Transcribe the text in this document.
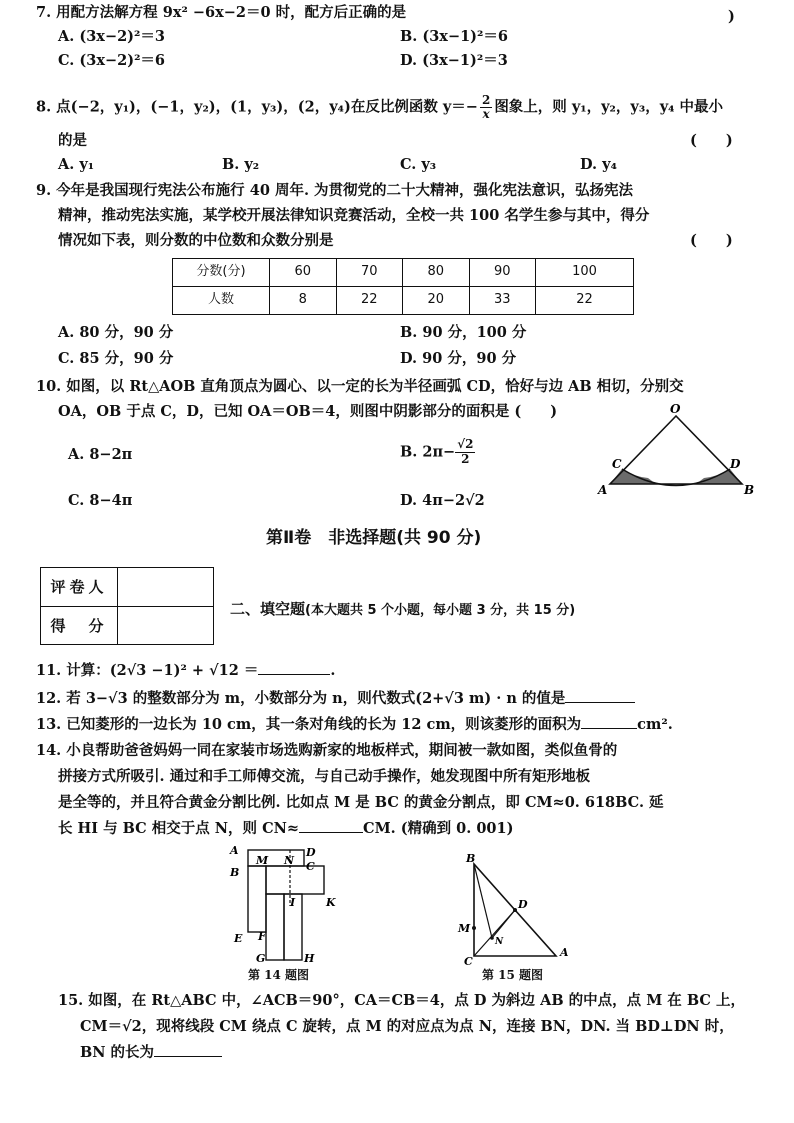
7. 用配方法解方程 9x² −6x−2＝0 时，配方后正确的是	)
A. (3x−2)²＝3	B. (3x−1)²＝6
C. (3x−2)²＝6	D. (3x−1)²＝3
8. 点(−2，y₁)，(−1，y₂)，(1，y₃)，(2，y₄)在反比例函数 $y=- \frac{2}{x}$ 图象上，则 y₁，y₂，y₃，y₄ 中最小
的是	(　　)
A. y₁	B. y₂	C. y₃	D. y₄
9. 今年是我国现行宪法公布施行 40 周年. 为贯彻党的二十大精神，强化宪法意识，弘扬宪法
精神，推动宪法实施，某学校开展法律知识竞赛活动，全校一共 100 名学生参与其中，得分
情况如下表，则分数的中位数和众数分别是	(　　)
分数(分)	60	70	80	90	100
人数	8	22	20	33	22
A. 80 分，90 分	B. 90 分，100 分
C. 85 分，90 分	D. 90 分，90 分
10. 如图，以 Rt△AOB 直角顶点为圆心、以一定的长为半径画弧 CD，恰好与边 AB 相切，分别交
OA，OB 于点 C，D，已知 OA＝OB＝4，则图中阴影部分的面积是 (　　)
A. 8−2π	B. $2\pi- \frac{√2}{2}$
C. 8−4π	D. 4π−2√2
O
A	B
C	D
第Ⅱ卷　非选择题(共 90 分)
评卷人
得　分
二、填空题(本大题共 5 个小题，每小题 3 分，共 15 分)
11. 计算：(2√3 −1)² + √12 ＝	.
12. 若 3−√3 的整数部分为 m，小数部分为 n，则代数式(2+√3 m) · n 的值是
13. 已知菱形的一边长为 10 cm，其一条对角线的长为 12 cm，则该菱形的面积为	cm².
14. 小良帮助爸爸妈妈一同在家装市场选购新家的地板样式，期间被一款如图，类似鱼骨的
拼接方式所吸引. 通过和手工师傅交流，与自己动手操作，她发现图中所有矩形地板
是全等的，并且符合黄金分割比例. 比如点 M 是 BC 的黄金分割点，即 CM≈0. 618BC. 延
长 HI 与 BC 相交于点 N，则 CN≈	CM. (精确到 0. 001)
A
B
M N
D
C
I	K
E F
G	H
第 14 题图
B
D
M
N
C
A
第 15 题图
15. 如图，在 Rt△ABC 中，∠ACB＝90°，CA＝CB＝4，点 D 为斜边 AB 的中点，点 M 在 BC 上，
CM＝√2，现将线段 CM 绕点 C 旋转，点 M 的对应点为点 N，连接 BN，DN. 当 BD⊥DN 时，
BN 的长为
